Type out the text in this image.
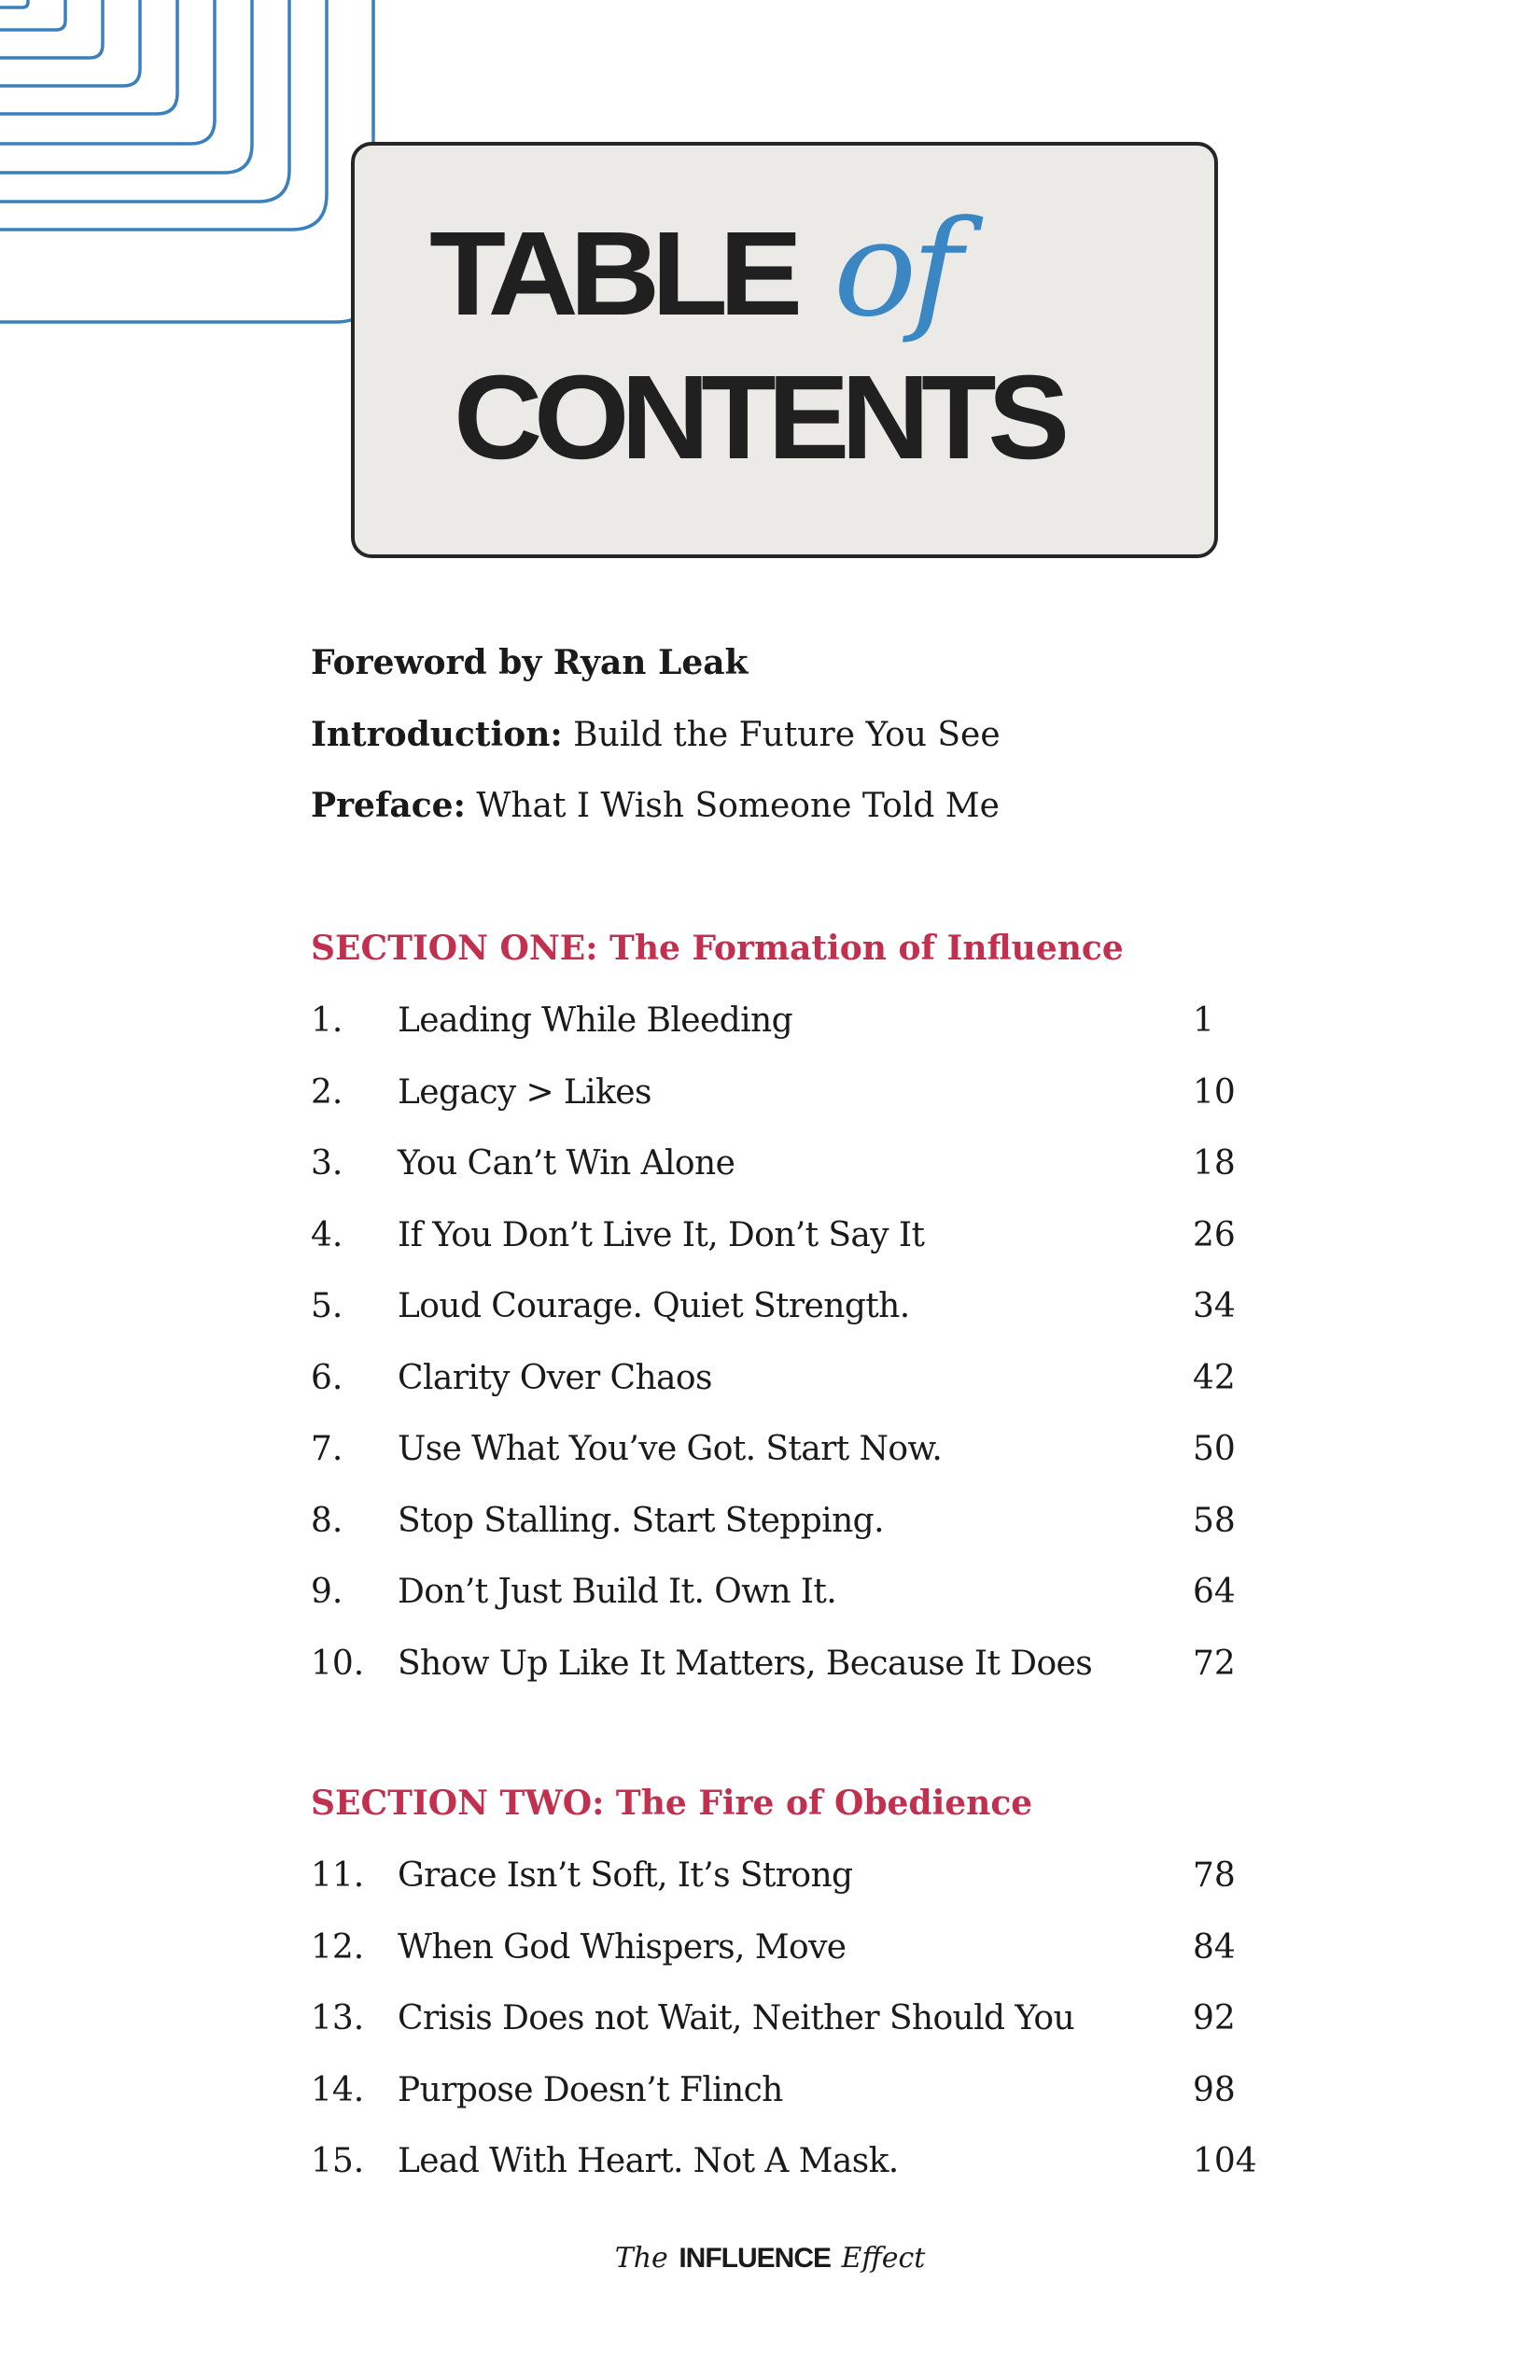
TABLE of
CONTENTS
Foreword by Ryan Leak
Introduction: Build the Future You See
Preface: What I Wish Someone Told Me
SECTION ONE: The Formation of Influence
1. Leading While Bleeding	1
2. Legacy > Likes	10
3. You Can’t Win Alone	18
4. If You Don’t Live It, Don’t Say It	26
5. Loud Courage. Quiet Strength.	34
6. Clarity Over Chaos	42
7. Use What You’ve Got. Start Now.	50
8. Stop Stalling. Start Stepping.	58
9. Don’t Just Build It. Own It.	64
10. Show Up Like It Matters, Because It Does	72
SECTION TWO: The Fire of Obedience
11. Grace Isn’t Soft, It’s Strong	78
12. When God Whispers, Move	84
13. Crisis Does not Wait, Neither Should You	92
14. Purpose Doesn’t Flinch	98
15. Lead With Heart. Not A Mask.	104
The INFLUENCE Effect
